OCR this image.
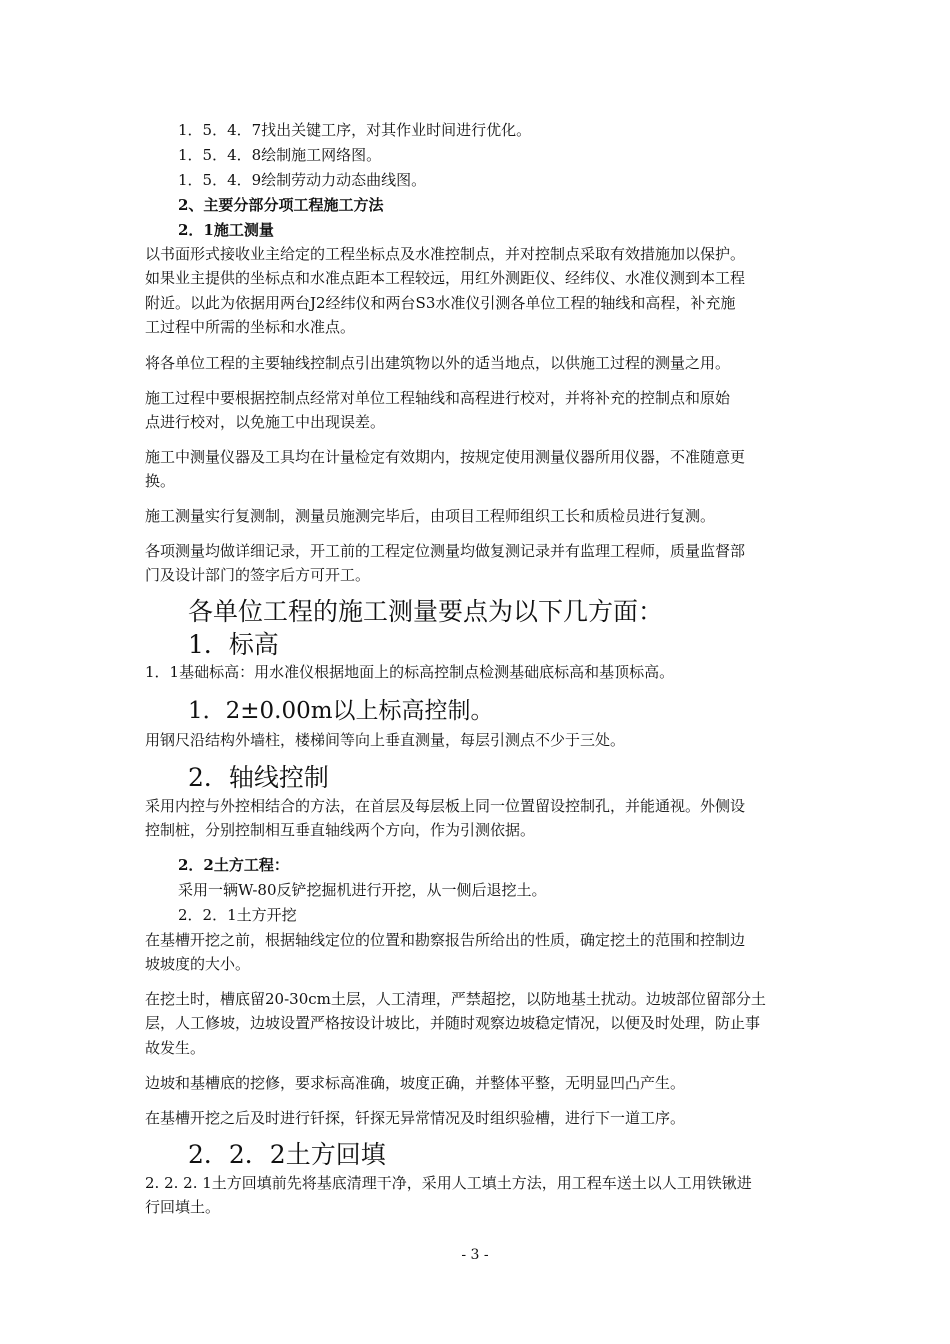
1．5．4．7找出关键工序，对其作业时间进行优化。
1．5．4．8绘制施工网络图。
1．5．4．9绘制劳动力动态曲线图。
2、主要分部分项工程施工方法
2．1施工测量
以书面形式接收业主给定的工程坐标点及水准控制点，并对控制点采取有效措施加以保护。
如果业主提供的坐标点和水准点距本工程较远，用红外测距仪、经纬仪、水准仪测到本工程
附近。以此为依据用两台J2经纬仪和两台S3水准仪引测各单位工程的轴线和高程，补充施
工过程中所需的坐标和水准点。
将各单位工程的主要轴线控制点引出建筑物以外的适当地点，以供施工过程的测量之用。
施工过程中要根据控制点经常对单位工程轴线和高程进行校对，并将补充的控制点和原始
点进行校对，以免施工中出现误差。
施工中测量仪器及工具均在计量检定有效期内，按规定使用测量仪器所用仪器，不准随意更
换。
施工测量实行复测制，测量员施测完毕后，由项目工程师组织工长和质检员进行复测。
各项测量均做详细记录，开工前的工程定位测量均做复测记录并有监理工程师，质量监督部
门及设计部门的签字后方可开工。
各单位工程的施工测量要点为以下几方面：
1．标高
1．1基础标高：用水准仪根据地面上的标高控制点检测基础底标高和基顶标高。
1．2±0.00m以上标高控制。
用钢尺沿结构外墙柱，楼梯间等向上垂直测量，每层引测点不少于三处。
2．轴线控制
采用内控与外控相结合的方法，在首层及每层板上同一位置留设控制孔，并能通视。外侧设
控制桩，分别控制相互垂直轴线两个方向，作为引测依据。
2．2土方工程：
采用一辆W-80反铲挖掘机进行开挖，从一侧后退挖土。
2．2．1土方开挖
在基槽开挖之前，根据轴线定位的位置和勘察报告所给出的性质，确定挖土的范围和控制边
坡坡度的大小。
在挖土时，槽底留20-30cm土层，人工清理，严禁超挖，以防地基土扰动。边坡部位留部分土
层，人工修坡，边坡设置严格按设计坡比，并随时观察边坡稳定情况，以便及时处理，防止事
故发生。
边坡和基槽底的挖修，要求标高准确，坡度正确，并整体平整，无明显凹凸产生。
在基槽开挖之后及时进行钎探，钎探无异常情况及时组织验槽，进行下一道工序。
2．2．2土方回填
2. 2. 2. 1土方回填前先将基底清理干净，采用人工填土方法，用工程车送土以人工用铁锹进
行回填土。
- 3 -
